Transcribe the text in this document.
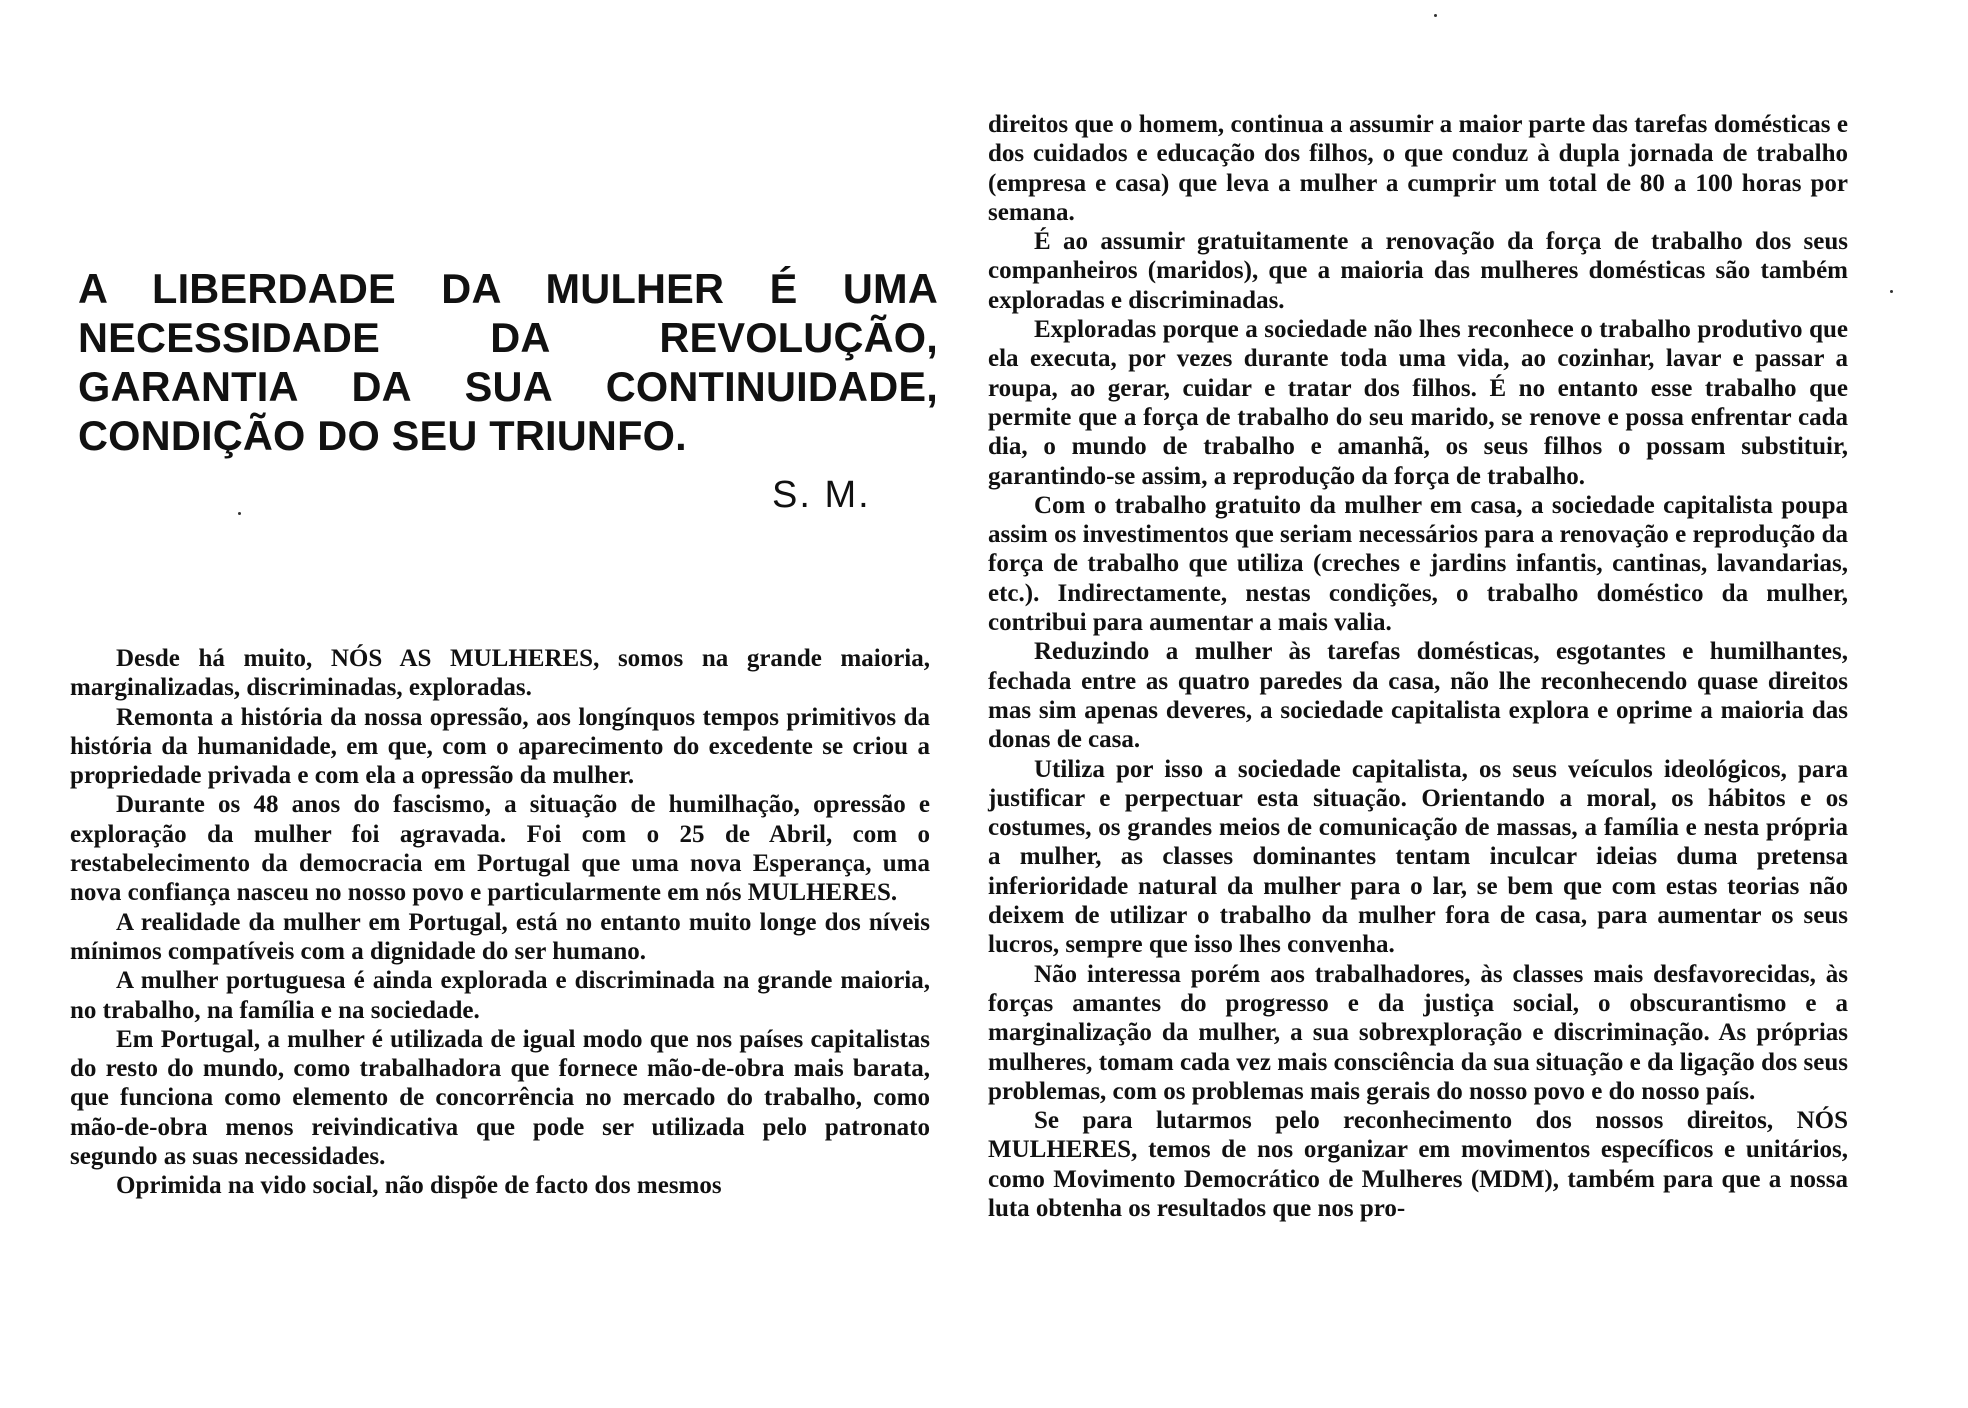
A LIBERDADE DA MULHER É UMA NECESSIDADE DA REVOLUÇÃO, GARANTIA DA SUA CONTINUIDADE, CONDIÇÃO DO SEU TRIUNFO.
S. M.

Desde há muito, NÓS AS MULHERES, somos na grande maioria, marginalizadas, discriminadas, exploradas.

Remonta a história da nossa opressão, aos longínquos tempos primitivos da história da humanidade, em que, com o aparecimento do excedente se criou a propriedade privada e com ela a opressão da mulher.

Durante os 48 anos do fascismo, a situação de humilhação, opressão e exploração da mulher foi agravada. Foi com o 25 de Abril, com o restabelecimento da democracia em Portugal que uma nova Esperança, uma nova confiança nasceu no nosso povo e particularmente em nós MULHERES.

A realidade da mulher em Portugal, está no entanto muito longe dos níveis mínimos compatíveis com a dignidade do ser humano.

A mulher portuguesa é ainda explorada e discriminada na grande maioria, no trabalho, na família e na sociedade.

Em Portugal, a mulher é utilizada de igual modo que nos países capitalistas do resto do mundo, como trabalhadora que fornece mão-de-obra mais barata, que funciona como elemento de concorrência no mercado do trabalho, como mão-de-obra menos reivindicativa que pode ser utilizada pelo patronato segundo as suas necessidades.

Oprimida na vido social, não dispõe de facto dos mesmos

direitos que o homem, continua a assumir a maior parte das tarefas domésticas e dos cuidados e educação dos filhos, o que conduz à dupla jornada de trabalho (empresa e casa) que leva a mulher a cumprir um total de 80 a 100 horas por semana.

É ao assumir gratuitamente a renovação da força de trabalho dos seus companheiros (maridos), que a maioria das mulheres domésticas são também exploradas e discriminadas.

Exploradas porque a sociedade não lhes reconhece o trabalho produtivo que ela executa, por vezes durante toda uma vida, ao cozinhar, lavar e passar a roupa, ao gerar, cuidar e tratar dos filhos. É no entanto esse trabalho que permite que a força de trabalho do seu marido, se renove e possa enfrentar cada dia, o mundo de trabalho e amanhã, os seus filhos o possam substituir, garantindo-se assim, a reprodução da força de trabalho.

Com o trabalho gratuito da mulher em casa, a sociedade capitalista poupa assim os investimentos que seriam necessários para a renovação e reprodução da força de trabalho que utiliza (creches e jardins infantis, cantinas, lavandarias, etc.). Indirectamente, nestas condições, o trabalho doméstico da mulher, contribui para aumentar a mais valia.

Reduzindo a mulher às tarefas domésticas, esgotantes e humilhantes, fechada entre as quatro paredes da casa, não lhe reconhecendo quase direitos mas sim apenas deveres, a sociedade capitalista explora e oprime a maioria das donas de casa.

Utiliza por isso a sociedade capitalista, os seus veículos ideológicos, para justificar e perpectuar esta situação. Orientando a moral, os hábitos e os costumes, os grandes meios de comunicação de massas, a família e nesta própria a mulher, as classes dominantes tentam inculcar ideias duma pretensa inferioridade natural da mulher para o lar, se bem que com estas teorias não deixem de utilizar o trabalho da mulher fora de casa, para aumentar os seus lucros, sempre que isso lhes convenha.

Não interessa porém aos trabalhadores, às classes mais desfavorecidas, às forças amantes do progresso e da justiça social, o obscurantismo e a marginalização da mulher, a sua sobrexploração e discriminação. As próprias mulheres, tomam cada vez mais consciência da sua situação e da ligação dos seus problemas, com os problemas mais gerais do nosso povo e do nosso país.

Se para lutarmos pelo reconhecimento dos nossos direitos, NÓS MULHERES, temos de nos organizar em movimentos específicos e unitários, como Movimento Democrático de Mulheres (MDM), também para que a nossa luta obtenha os resultados que nos pro-
